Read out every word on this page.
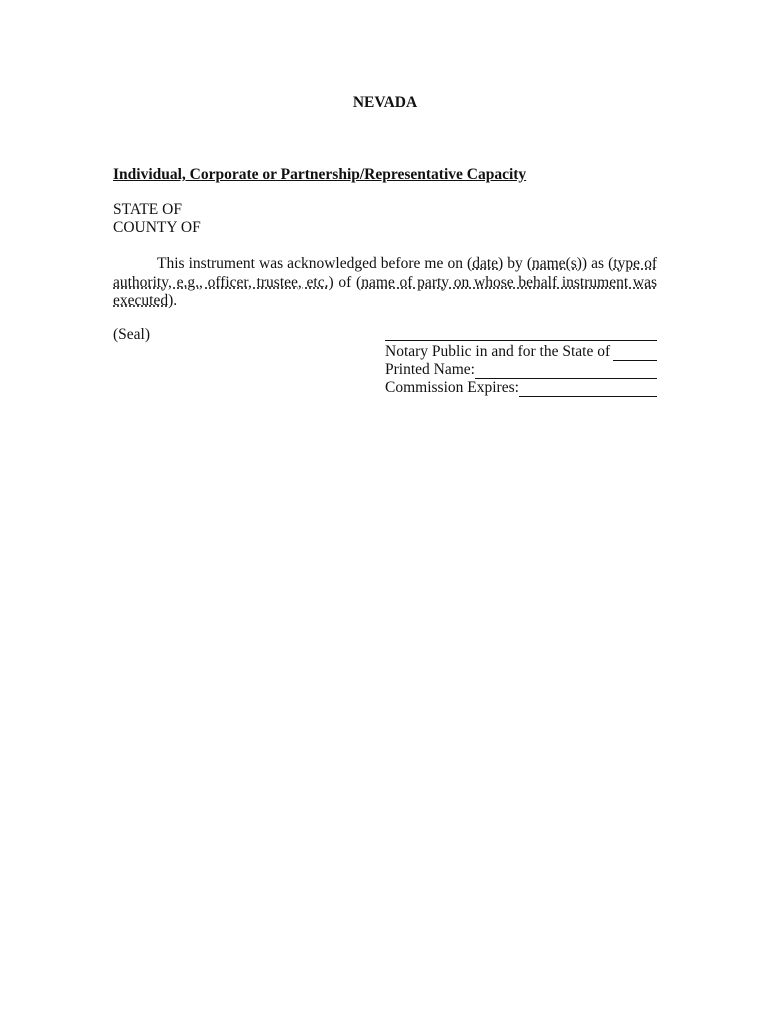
NEVADA
Individual, Corporate or Partnership/Representative Capacity
STATE OF
COUNTY OF
This instrument was acknowledged before me on (date) by (name(s)) as (type of authority, e.g., officer, trustee, etc.) of (name of party on whose behalf instrument was executed).
(Seal)
Notary Public in and for the State of
Printed Name:
Commission Expires:
